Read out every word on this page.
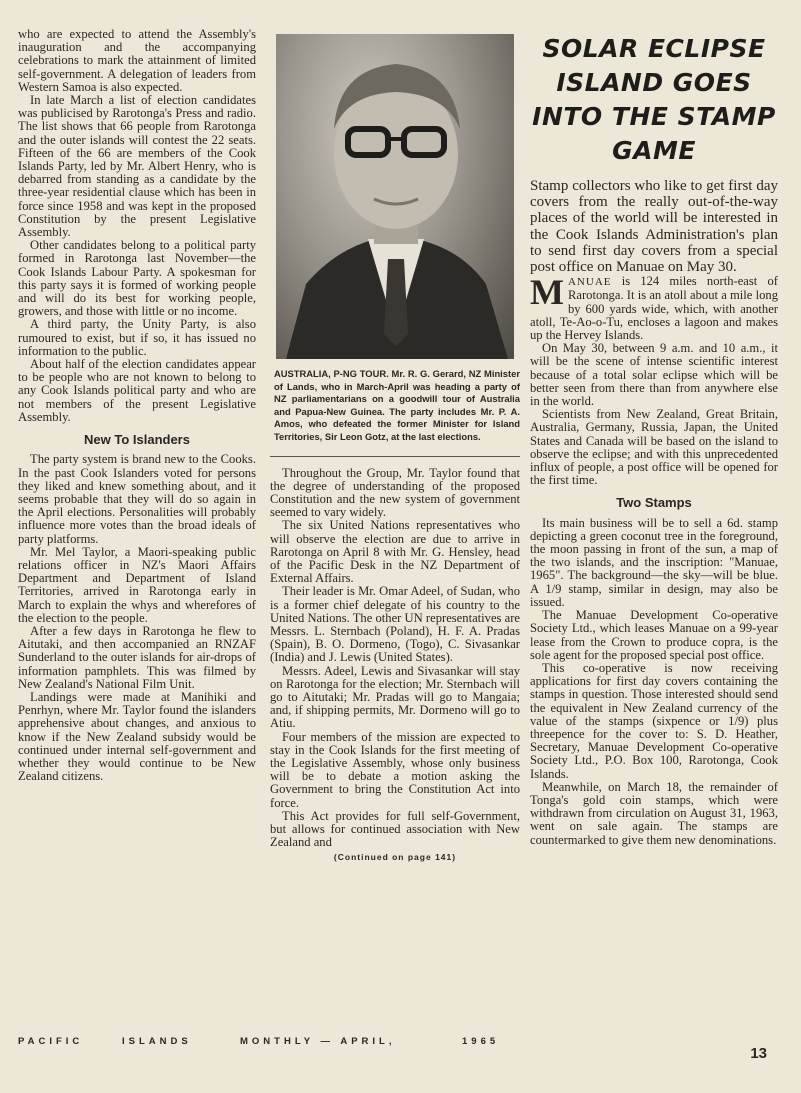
who are expected to attend the Assembly's inauguration and the accompanying celebrations to mark the attainment of limited self-government. A delegation of leaders from Western Samoa is also expected.

In late March a list of election candidates was publicised by Rarotonga's Press and radio. The list shows that 66 people from Rarotonga and the outer islands will contest the 22 seats. Fifteen of the 66 are members of the Cook Islands Party, led by Mr. Albert Henry, who is debarred from standing as a candidate by the three-year residential clause which has been in force since 1958 and was kept in the proposed Constitution by the present Legislative Assembly.

Other candidates belong to a political party formed in Rarotonga last November—the Cook Islands Labour Party. A spokesman for this party says it is formed of working people and will do its best for working people, growers, and those with little or no income.

A third party, the Unity Party, is also rumoured to exist, but if so, it has issued no information to the public.

About half of the election candidates appear to be people who are not known to belong to any Cook Islands political party and who are not members of the present Legislative Assembly.

New To Islanders

The party system is brand new to the Cooks. In the past Cook Islanders voted for persons they liked and knew something about, and it seems probable that they will do so again in the April elections. Personalities will probably influence more votes than the broad ideals of party platforms.

Mr. Mel Taylor, a Maori-speaking public relations officer in NZ's Maori Affairs Department and Department of Island Territories, arrived in Rarotonga early in March to explain the whys and wherefores of the election to the people.

After a few days in Rarotonga he flew to Aitutaki, and then accompanied an RNZAF Sunderland to the outer islands for air-drops of information pamphlets. This was filmed by New Zealand's National Film Unit.

Landings were made at Manihiki and Penrhyn, where Mr. Taylor found the islanders apprehensive about changes, and anxious to know if the New Zealand subsidy would be continued under internal self-government and whether they would continue to be New Zealand citizens.

AUSTRALIA, P-NG TOUR. Mr. R. G. Gerard, NZ Minister of Lands, who in March-April was heading a party of NZ parliamentarians on a goodwill tour of Australia and Papua-New Guinea. The party includes Mr. P. A. Amos, who defeated the former Minister for Island Territories, Sir Leon Gotz, at the last elections.

Throughout the Group, Mr. Taylor found that the degree of understanding of the proposed Constitution and the new system of government seemed to vary widely.

The six United Nations representatives who will observe the election are due to arrive in Rarotonga on April 8 with Mr. G. Hensley, head of the Pacific Desk in the NZ Department of External Affairs.

Their leader is Mr. Omar Adeel, of Sudan, who is a former chief delegate of his country to the United Nations. The other UN representatives are Messrs. L. Sternbach (Poland), H. F. A. Pradas (Spain), B. O. Dormeno, (Togo), C. Sivasankar (India) and J. Lewis (United States).

Messrs. Adeel, Lewis and Sivasankar will stay on Rarotonga for the election; Mr. Sternbach will go to Aitutaki; Mr. Pradas will go to Mangaia; and, if shipping permits, Mr. Dormeno will go to Atiu.

Four members of the mission are expected to stay in the Cook Islands for the first meeting of the Legislative Assembly, whose only business will be to debate a motion asking the Government to bring the Constitution Act into force.

This Act provides for full self-Government, but allows for continued association with New Zealand and

(Continued on page 141)
SOLAR ECLIPSE ISLAND GOES INTO THE STAMP GAME

Stamp collectors who like to get first day covers from the really out-of-the-way places of the world will be interested in the Cook Islands Administration's plan to send first day covers from a special post office on Manuae on May 30.

MANUAE is 124 miles north-east of Rarotonga. It is an atoll about a mile long by 600 yards wide, which, with another atoll, Te-Ao-o-Tu, encloses a lagoon and makes up the Hervey Islands.

On May 30, between 9 a.m. and 10 a.m., it will be the scene of intense scientific interest because of a total solar eclipse which will be better seen from there than from anywhere else in the world.

Scientists from New Zealand, Great Britain, Australia, Germany, Russia, Japan, the United States and Canada will be based on the island to observe the eclipse; and with this unprecedented influx of people, a post office will be opened for the first time.

Two Stamps

Its main business will be to sell a 6d. stamp depicting a green coconut tree in the foreground, the moon passing in front of the sun, a map of the two islands, and the inscription: "Manuae, 1965". The background—the sky—will be blue. A 1/9 stamp, similar in design, may also be issued.

The Manuae Development Co-operative Society Ltd., which leases Manuae on a 99-year lease from the Crown to produce copra, is the sole agent for the proposed special post office.

This co-operative is now receiving applications for first day covers containing the stamps in question. Those interested should send the equivalent in New Zealand currency of the value of the stamps (sixpence or 1/9) plus threepence for the cover to: S. D. Heather, Secretary, Manuae Development Co-operative Society Ltd., P.O. Box 100, Rarotonga, Cook Islands.

Meanwhile, on March 18, the remainder of Tonga's gold coin stamps, which were withdrawn from circulation on August 31, 1963, went on sale again. The stamps are countermarked to give them new denominations.

PACIFIC	ISLANDS	MONTHLY — APRIL,	1965
13
